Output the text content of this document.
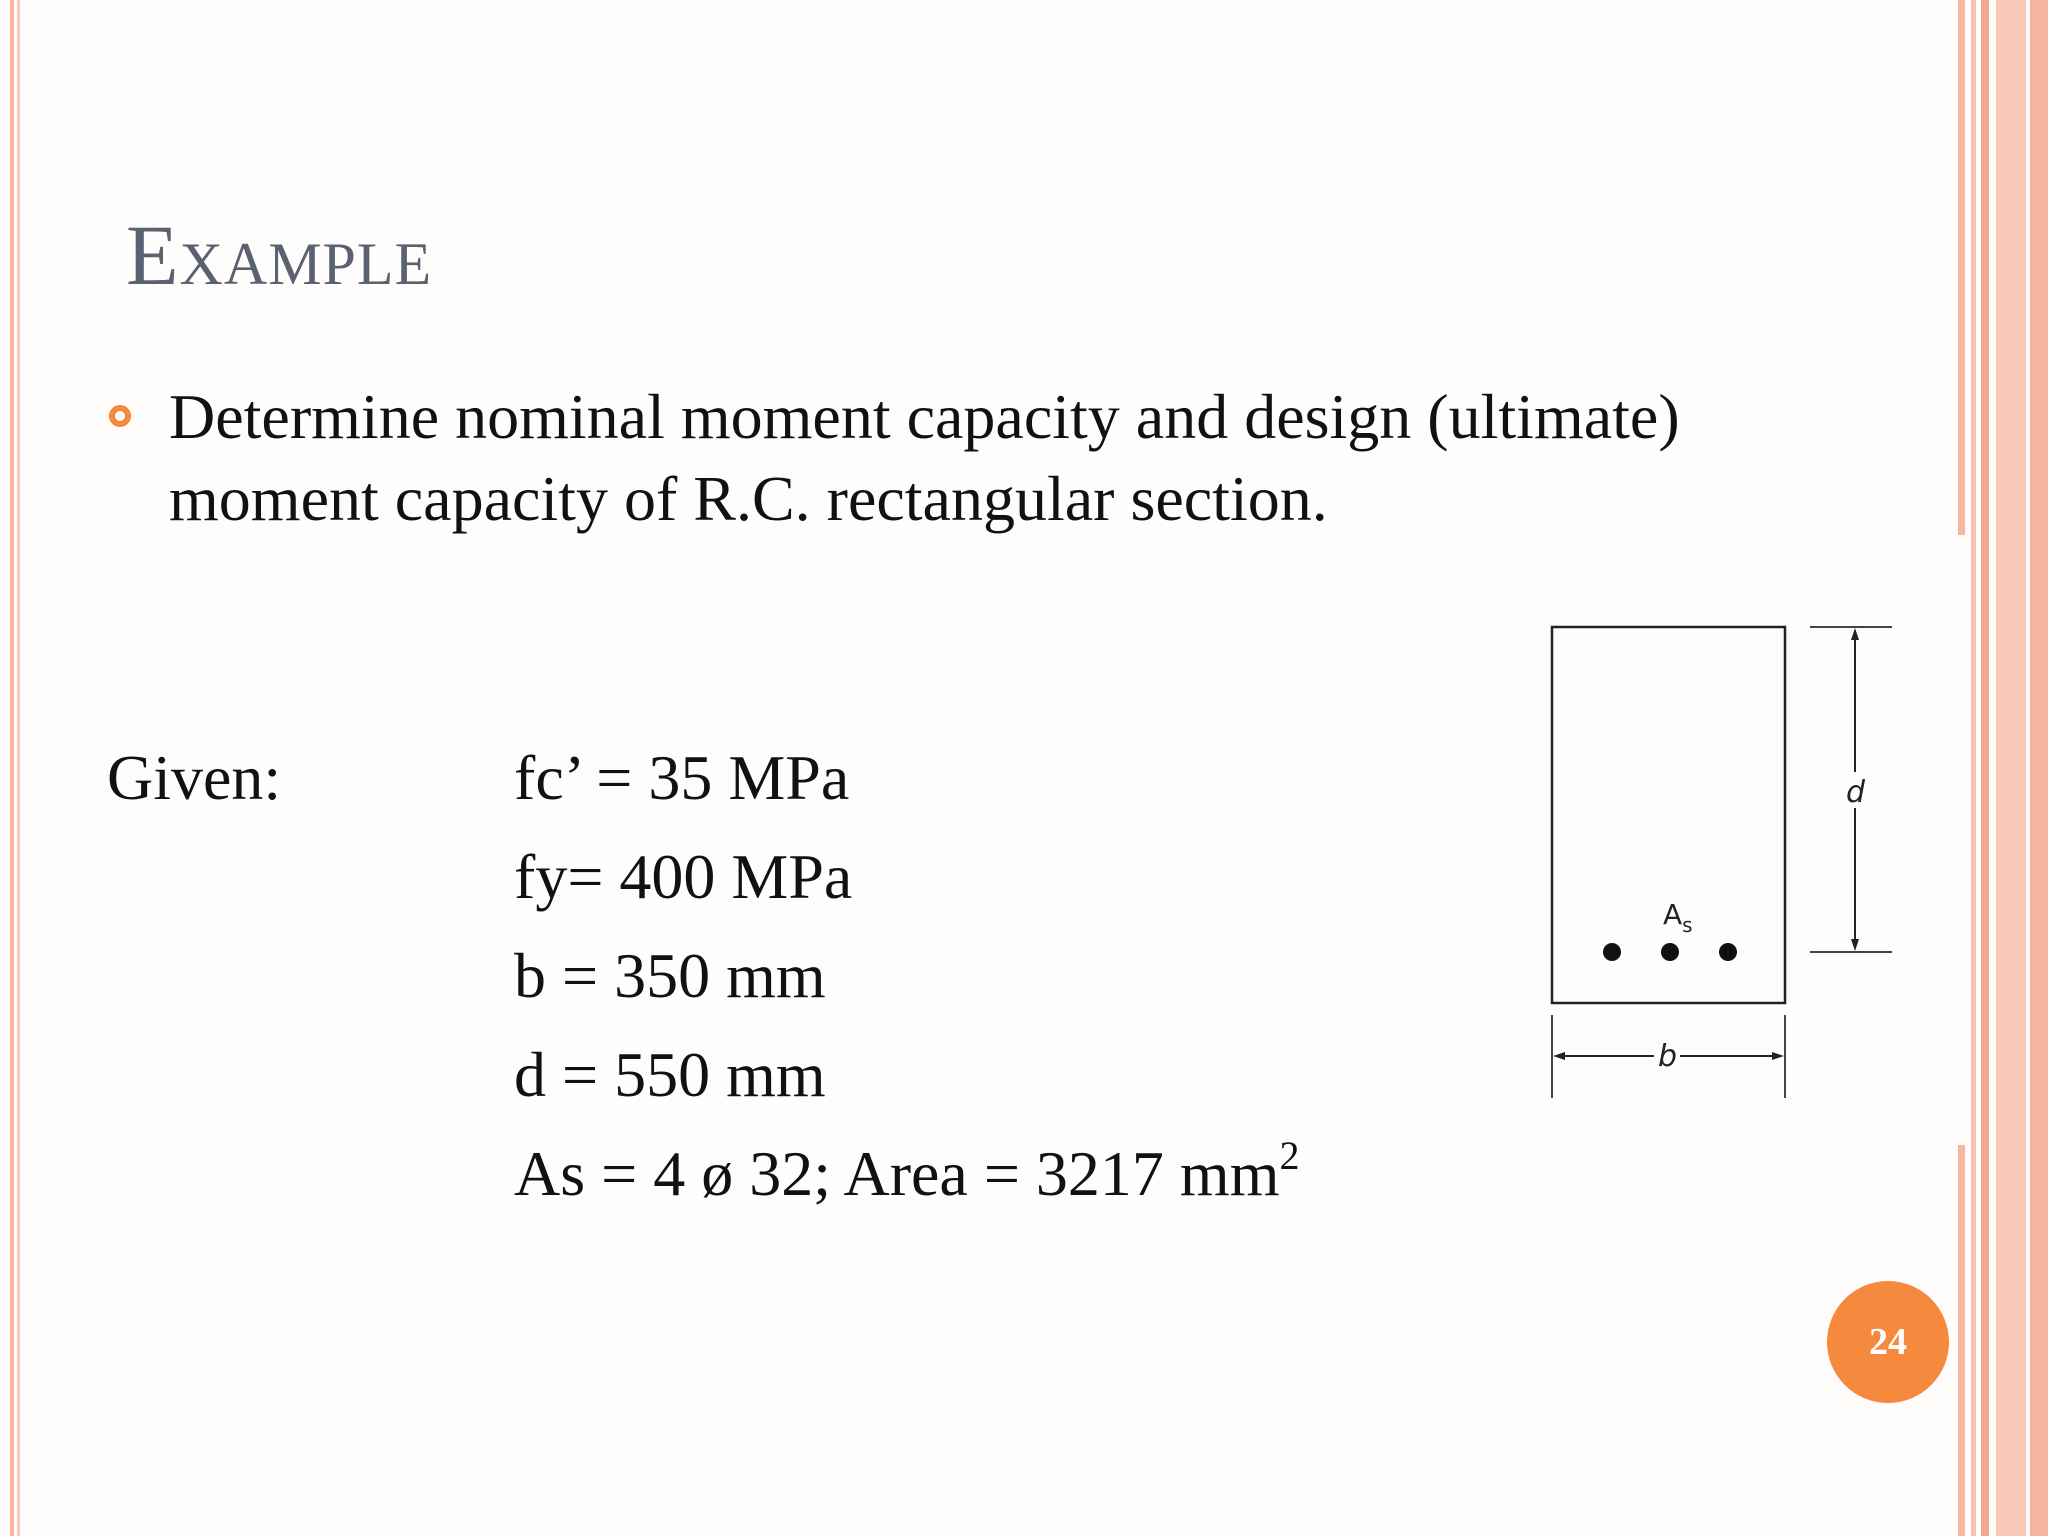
Example
Determine nominal moment capacity and design (ultimate) moment capacity of R.C. rectangular section.
Given:	fc’ = 35 MPa
fy= 400 MPa
b = 350 mm
d = 550 mm
As = 4 ø 32; Area = 3217 $mm^2$
$A_s$
d
b
24
